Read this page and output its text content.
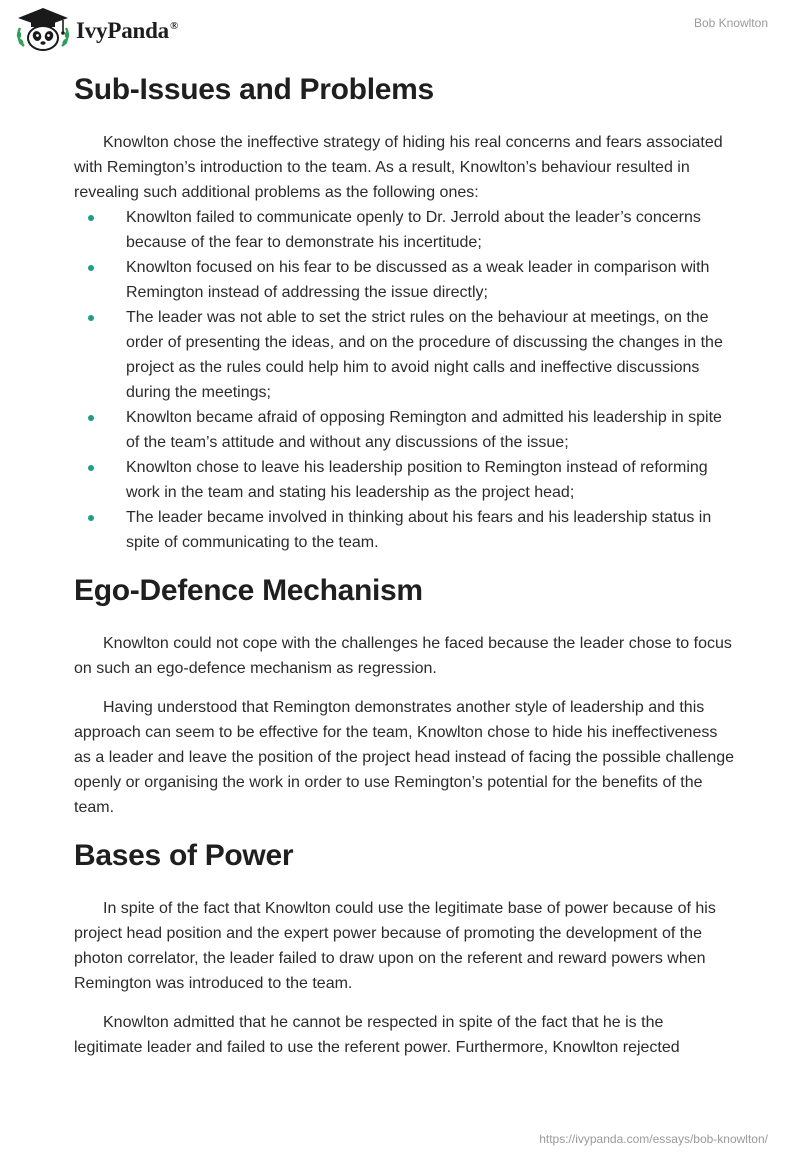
IvyPanda®	Bob Knowlton
Sub-Issues and Problems

Knowlton chose the ineffective strategy of hiding his real concerns and fears associated with Remington’s introduction to the team. As a result, Knowlton’s behaviour resulted in revealing such additional problems as the following ones:

Knowlton failed to communicate openly to Dr. Jerrold about the leader’s concerns because of the fear to demonstrate his incertitude;
Knowlton focused on his fear to be discussed as a weak leader in comparison with Remington instead of addressing the issue directly;
The leader was not able to set the strict rules on the behaviour at meetings, on the order of presenting the ideas, and on the procedure of discussing the changes in the project as the rules could help him to avoid night calls and ineffective discussions during the meetings;
Knowlton became afraid of opposing Remington and admitted his leadership in spite of the team’s attitude and without any discussions of the issue;
Knowlton chose to leave his leadership position to Remington instead of reforming work in the team and stating his leadership as the project head;
The leader became involved in thinking about his fears and his leadership status in spite of communicating to the team.
Ego-Defence Mechanism

Knowlton could not cope with the challenges he faced because the leader chose to focus on such an ego-defence mechanism as regression.

Having understood that Remington demonstrates another style of leadership and this approach can seem to be effective for the team, Knowlton chose to hide his ineffectiveness as a leader and leave the position of the project head instead of facing the possible challenge openly or organising the work in order to use Remington’s potential for the benefits of the team.

Bases of Power

In spite of the fact that Knowlton could use the legitimate base of power because of his project head position and the expert power because of promoting the development of the photon correlator, the leader failed to draw upon on the referent and reward powers when Remington was introduced to the team.

Knowlton admitted that he cannot be respected in spite of the fact that he is the legitimate leader and failed to use the referent power. Furthermore, Knowlton rejected

https://ivypanda.com/essays/bob-knowlton/
